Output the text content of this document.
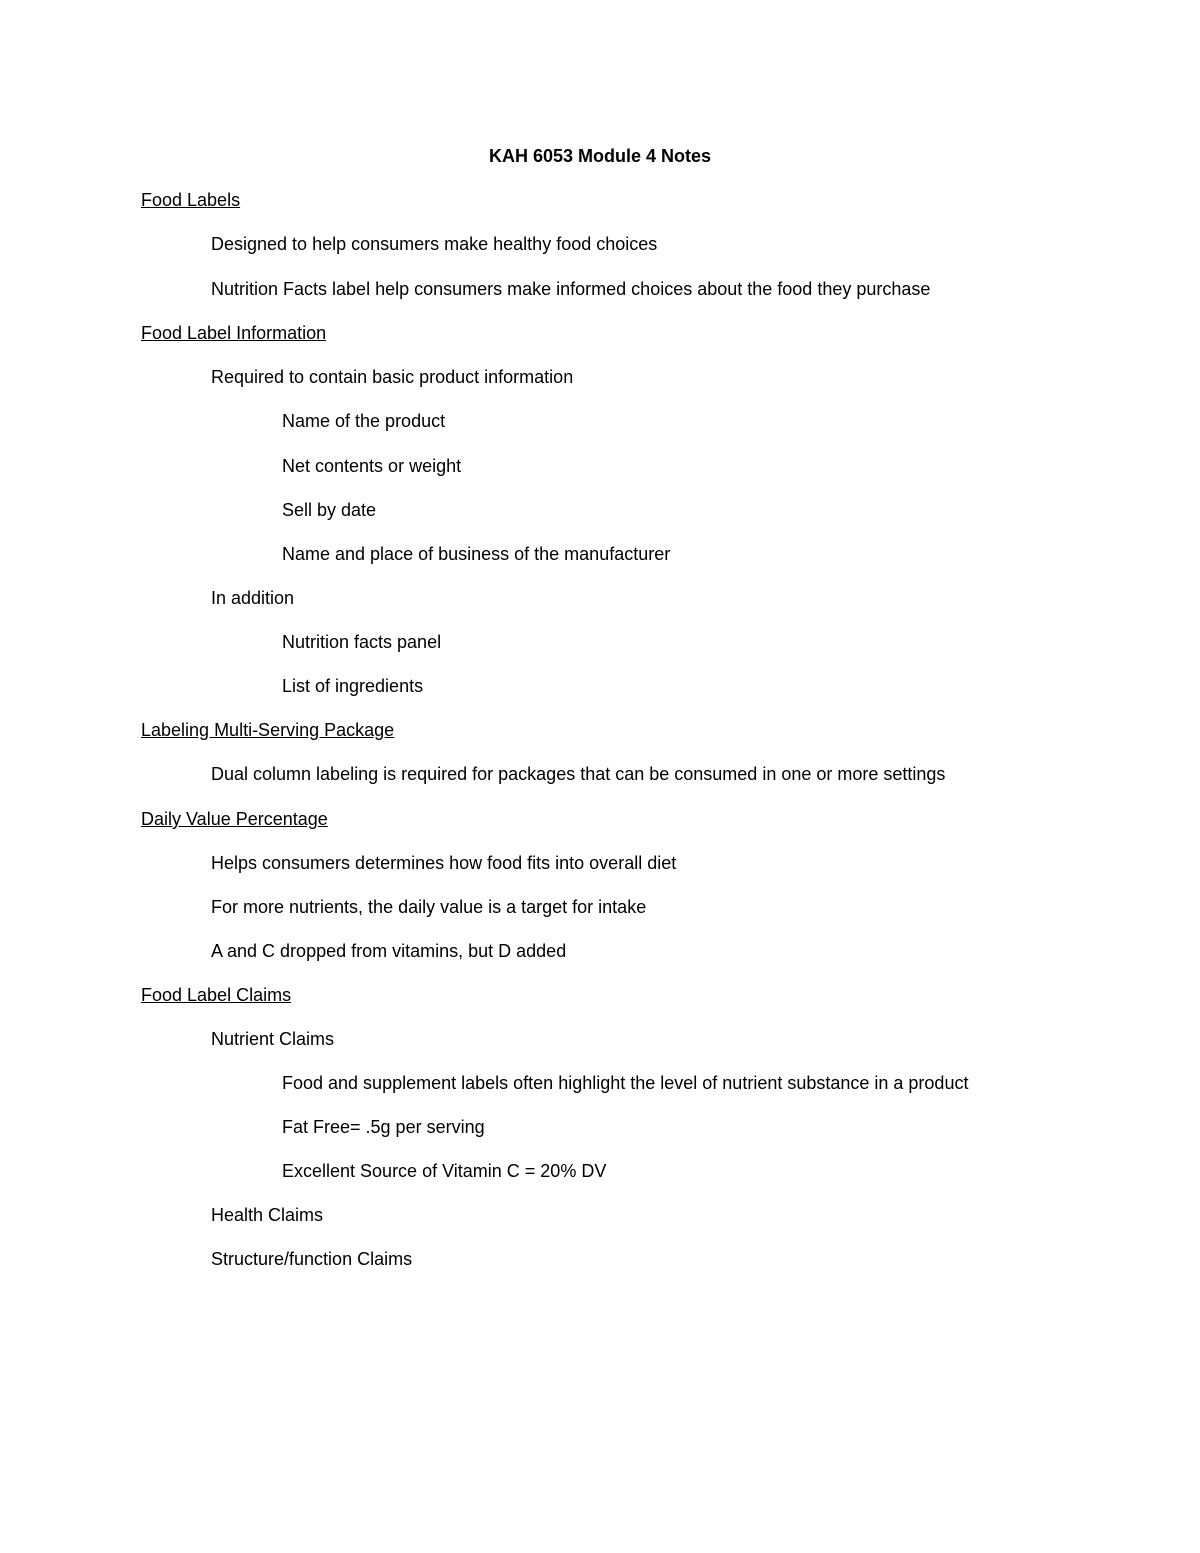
KAH 6053 Module 4 Notes
Food Labels
Designed to help consumers make healthy food choices
Nutrition Facts label help consumers make informed choices about the food they purchase
Food Label Information
Required to contain basic product information
Name of the product
Net contents or weight
Sell by date
Name and place of business of the manufacturer
In addition
Nutrition facts panel
List of ingredients
Labeling Multi-Serving Package
Dual column labeling is required for packages that can be consumed in one or more settings
Daily Value Percentage
Helps consumers determines how food fits into overall diet
For more nutrients, the daily value is a target for intake
A and C dropped from vitamins, but D added
Food Label Claims
Nutrient Claims
Food and supplement labels often highlight the level of nutrient substance in a product
Fat Free= .5g per serving
Excellent Source of Vitamin C = 20% DV
Health Claims
Structure/function Claims
